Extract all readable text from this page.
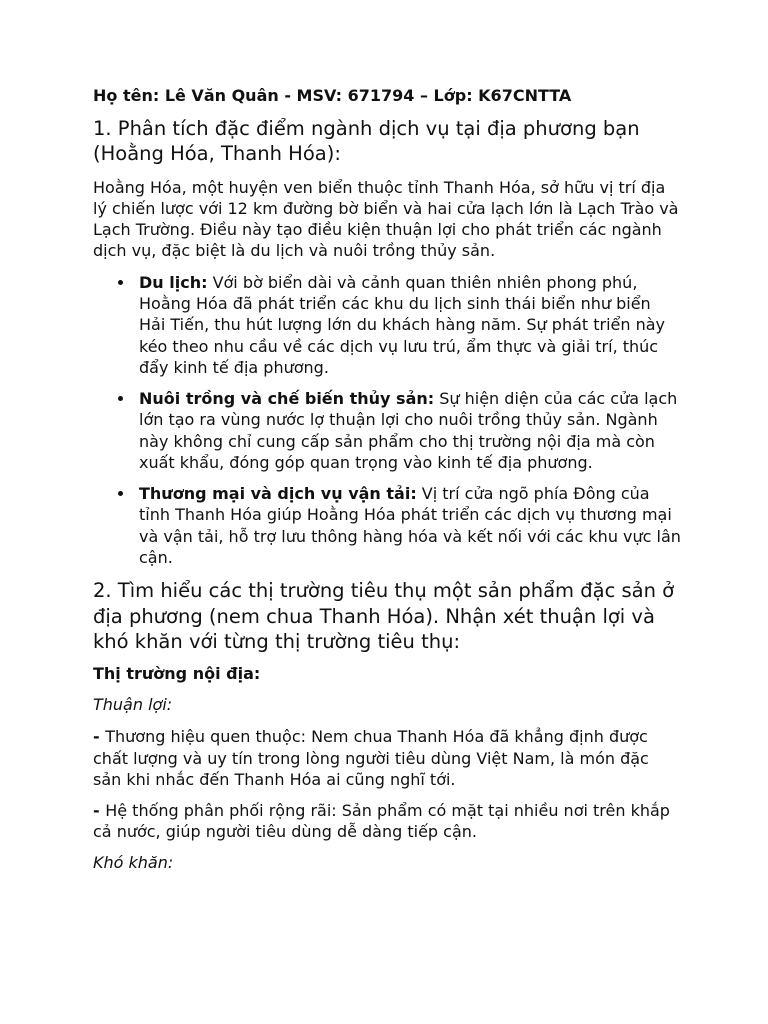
Họ tên: Lê Văn Quân - MSV: 671794 – Lớp: K67CNTTA
1. Phân tích đặc điểm ngành dịch vụ tại địa phương bạn (Hoằng Hóa, Thanh Hóa):

Hoằng Hóa, một huyện ven biển thuộc tỉnh Thanh Hóa, sở hữu vị trí địa lý chiến lược với 12 km đường bờ biển và hai cửa lạch lớn là Lạch Trào và Lạch Trường. Điều này tạo điều kiện thuận lợi cho phát triển các ngành dịch vụ, đặc biệt là du lịch và nuôi trồng thủy sản.

Du lịch: Với bờ biển dài và cảnh quan thiên nhiên phong phú, Hoằng Hóa đã phát triển các khu du lịch sinh thái biển như biển Hải Tiến, thu hút lượng lớn du khách hàng năm. Sự phát triển này kéo theo nhu cầu về các dịch vụ lưu trú, ẩm thực và giải trí, thúc đẩy kinh tế địa phương.
Nuôi trồng và chế biến thủy sản: Sự hiện diện của các cửa lạch lớn tạo ra vùng nước lợ thuận lợi cho nuôi trồng thủy sản. Ngành này không chỉ cung cấp sản phẩm cho thị trường nội địa mà còn xuất khẩu, đóng góp quan trọng vào kinh tế địa phương.
Thương mại và dịch vụ vận tải: Vị trí cửa ngõ phía Đông của tỉnh Thanh Hóa giúp Hoằng Hóa phát triển các dịch vụ thương mại và vận tải, hỗ trợ lưu thông hàng hóa và kết nối với các khu vực lân cận.
2. Tìm hiểu các thị trường tiêu thụ một sản phẩm đặc sản ở địa phương (nem chua Thanh Hóa). Nhận xét thuận lợi và khó khăn với từng thị trường tiêu thụ:
Thị trường nội địa:
Thuận lợi:

- Thương hiệu quen thuộc: Nem chua Thanh Hóa đã khẳng định được chất lượng và uy tín trong lòng người tiêu dùng Việt Nam, là món đặc sản khi nhắc đến Thanh Hóa ai cũng nghĩ tới.

- Hệ thống phân phối rộng rãi: Sản phẩm có mặt tại nhiều nơi trên khắp cả nước, giúp người tiêu dùng dễ dàng tiếp cận.

Khó khăn:
